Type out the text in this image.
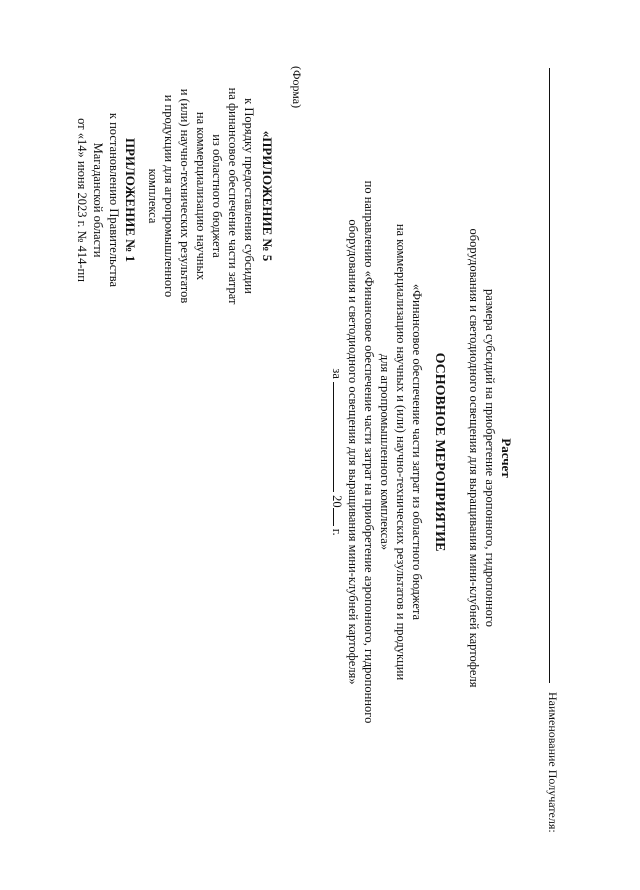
ПРИЛОЖЕНИЕ № 1
к постановлению Правительства
Магаданской области
от «14» июня 2023 г. № 414-пп	«ПРИЛОЖЕНИЕ № 5
к Порядку предоставления субсидии
на финансовое обеспечение части затрат
из областного бюджета
на коммерциализацию научных
и (или) научно-технических результатов
и продукции для агропромышленного
комплекса
(Форма)
ОСНОВНОЕ МЕРОПРИЯТИЕ
«Финансовое обеспечение части затрат из областного бюджета
на коммерциализацию научных и (или) научно-технических результатов и продукции
для агропромышленного комплекса»
по направлению «Финансовое обеспечение части затрат на приобретение аэропонного, гидропонного
оборудования и светодиодного освещения для выращивания мини-клубней картофеля»
за  20 г.
Расчет
размера субсидий на приобретение аэропонного, гидропонного
оборудования и светодиодного освещения для выращивания мини-клубней картофеля
Наименование Получателя:
